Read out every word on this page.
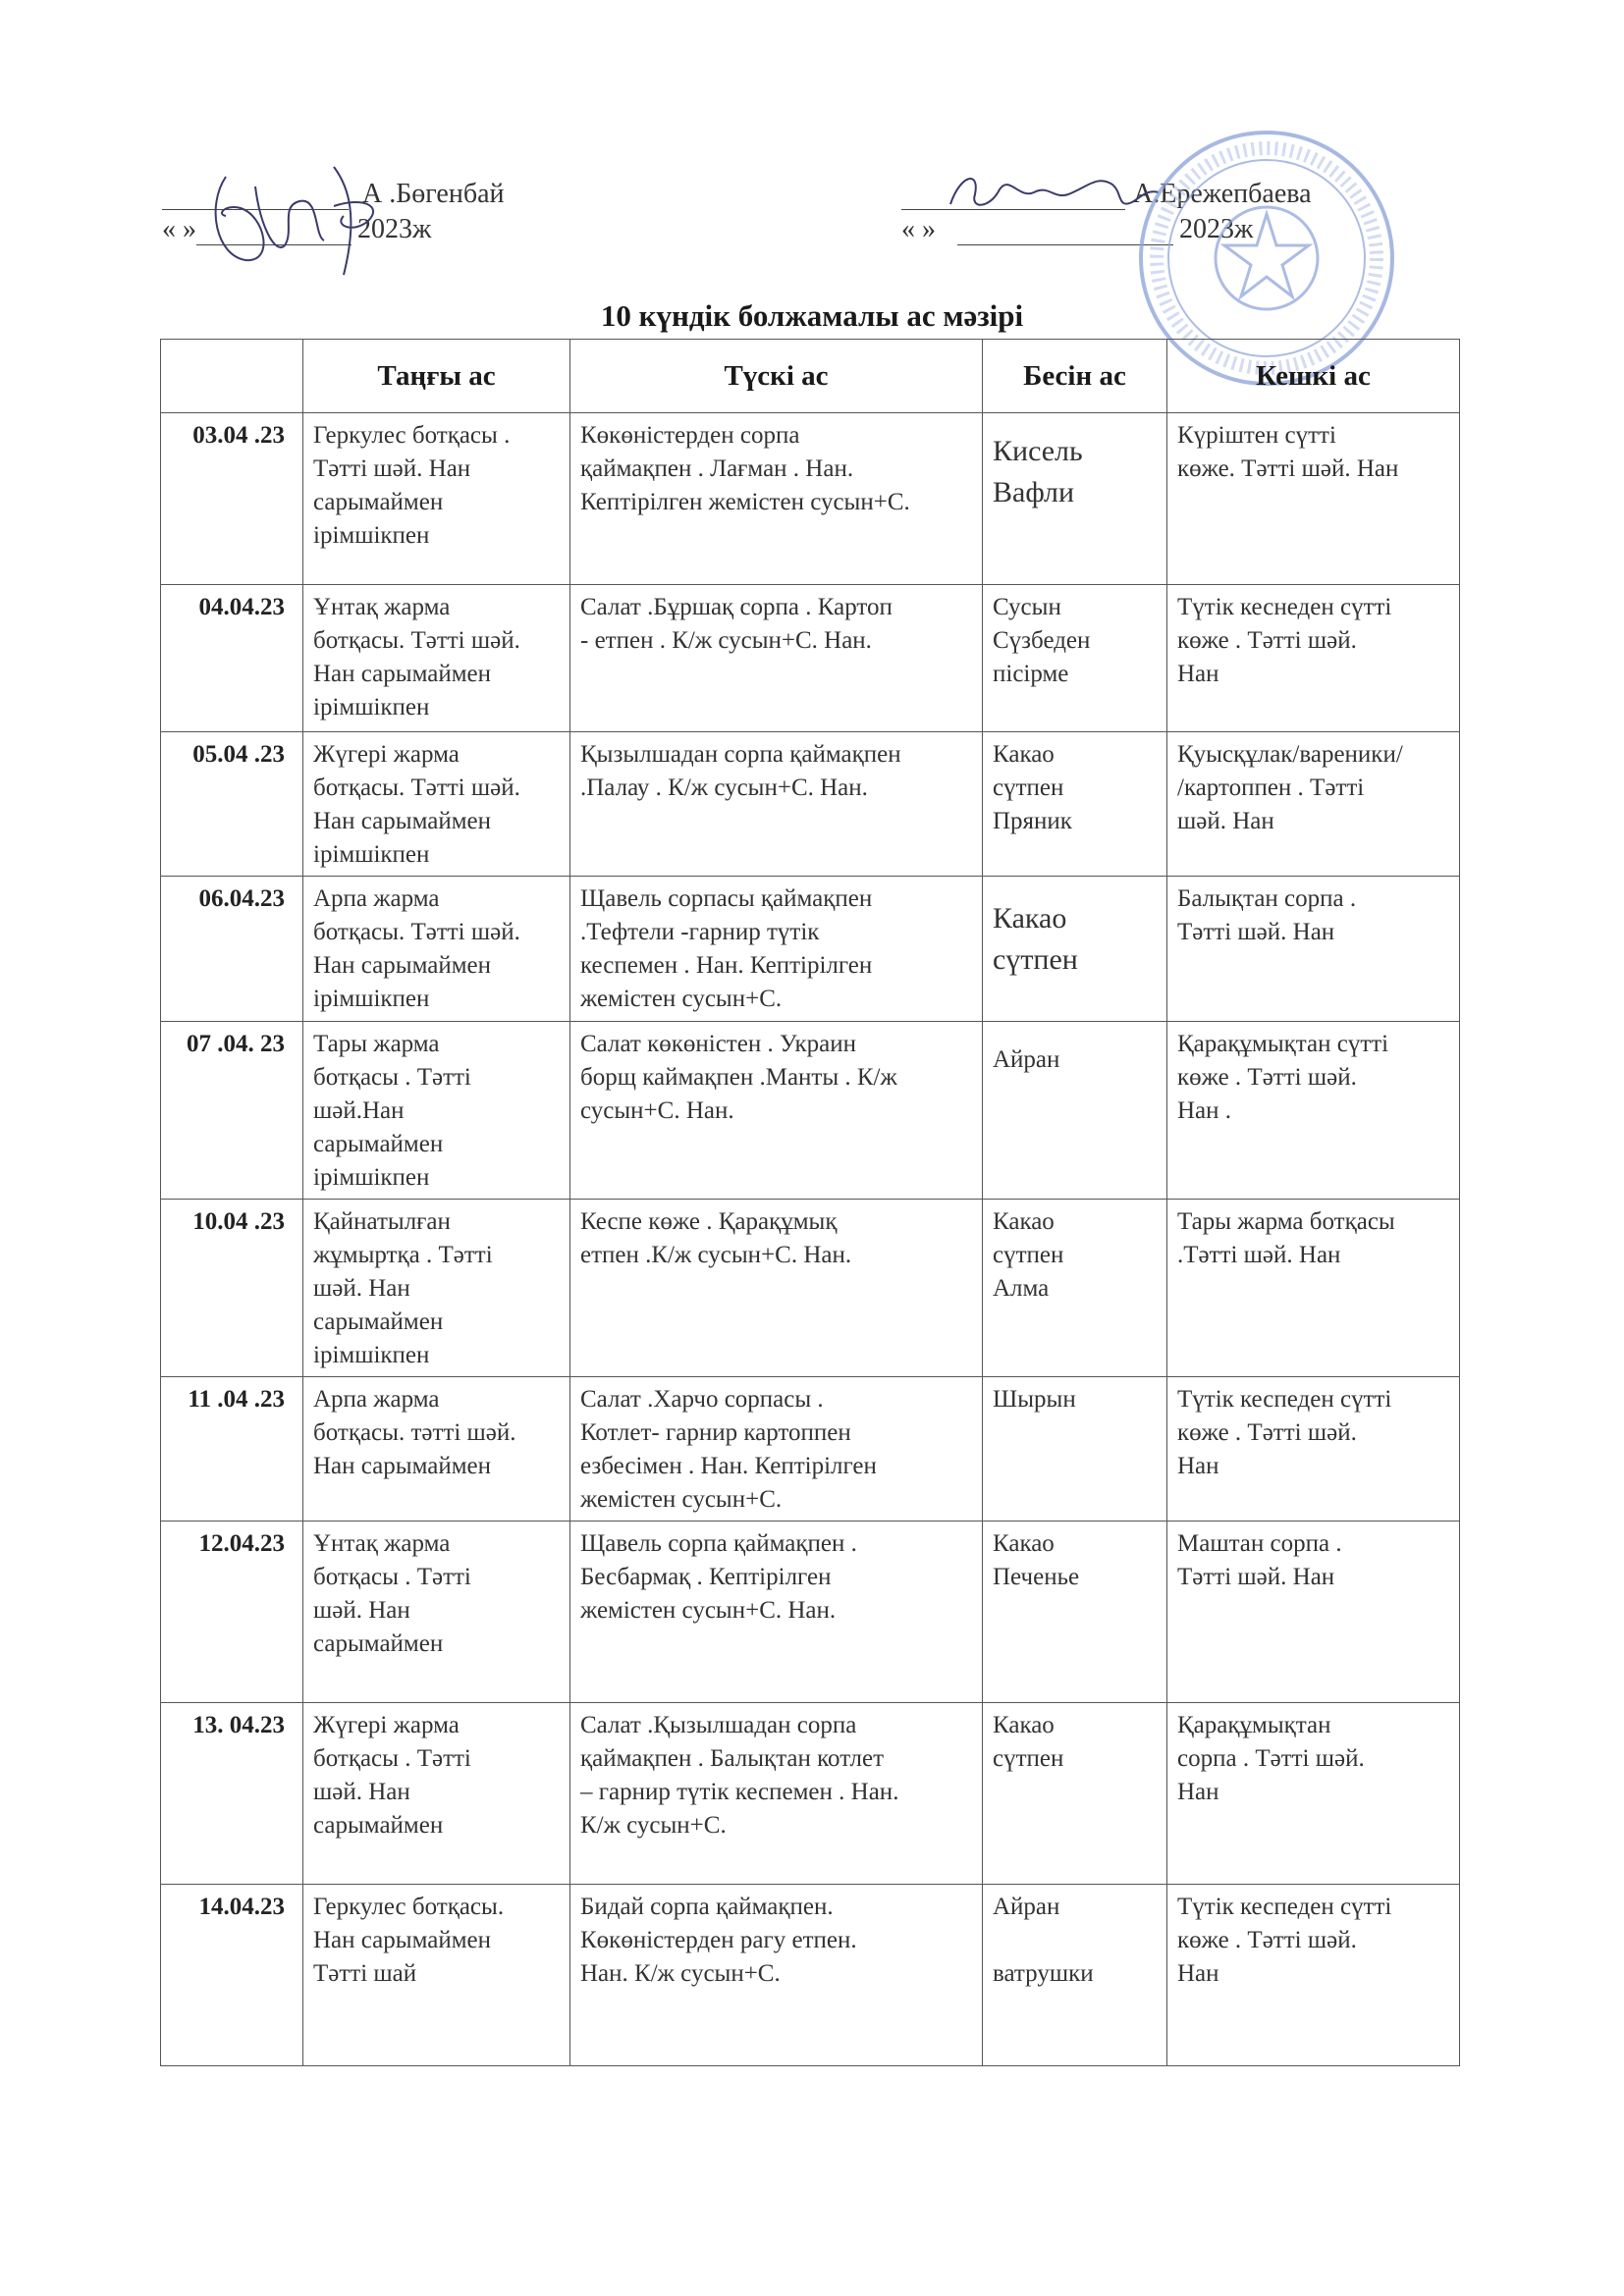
А .Бөгенбай
« »	2023ж
А.Ережепбаева
« »	2023ж
10 күндік болжамалы ас мәзірі
	Таңғы ас	Түскі ас	Бесін ас	Кешкі ас
03.04 .23	Геркулес ботқасы .
Тәтті шәй. Нан
сарымаймен
ірімшікпен	Көкөністерден сорпа
қаймақпен . Лағман . Нан.
Кептірілген жемістен сусын+С.	Кисель
Вафли	Күріштен сүтті
көже. Тәтті шәй. Нан
04.04.23	Ұнтақ жарма
ботқасы. Тәтті шәй.
Нан сарымаймен
ірімшікпен	Салат .Бұршақ сорпа . Картоп
- етпен . К/ж сусын+С. Нан.	Сусын
Сүзбеден
пісірме	Түтік кеснеден сүтті
көже . Тәтті шәй.
Нан
05.04 .23	Жүгері жарма
ботқасы. Тәтті шәй.
Нан сарымаймен
ірімшікпен	Қызылшадан сорпа қаймақпен
.Палау . К/ж сусын+С. Нан.	Какао
сүтпен
Пряник	Қуысқұлак/вареники/
/картоппен . Тәтті
шәй. Нан
06.04.23	Арпа жарма
ботқасы. Тәтті шәй.
Нан сарымаймен
ірімшікпен	Щавель сорпасы қаймақпен
.Тефтели -гарнир түтік
кеспемен . Нан. Кептірілген
жемістен сусын+С.	Какао
сүтпен	Балықтан сорпа .
Тәтті шәй. Нан
07 .04. 23	Тары жарма
ботқасы . Тәтті
шәй.Нан
сарымаймен
ірімшікпен	Салат көкөністен . Украин
борщ каймақпен .Манты . К/ж
сусын+С. Нан.	Айран	Қарақұмықтан сүтті
көже . Тәтті шәй.
Нан .
10.04 .23	Қайнатылған
жұмыртқа . Тәтті
шәй. Нан
сарымаймен
ірімшікпен	Кеспе көже . Қарақұмық
етпен .К/ж сусын+С. Нан.	Какао
сүтпен
Алма	Тары жарма ботқасы
.Тәтті шәй. Нан
11 .04 .23	Арпа жарма
ботқасы. тәтті шәй.
Нан сарымаймен	Салат .Харчо сорпасы .
Котлет- гарнир картоппен
езбесімен . Нан. Кептірілген
жемістен сусын+С.	Шырын	Түтік кеспеден сүтті
көже . Тәтті шәй.
Нан
12.04.23	Ұнтақ жарма
ботқасы . Тәтті
шәй. Нан
сарымаймен	Щавель сорпа қаймақпен .
Бесбармақ . Кептірілген
жемістен сусын+С. Нан.	Какао
Печенье	Маштан сорпа .
Тәтті шәй. Нан
13. 04.23	Жүгері жарма
ботқасы . Тәтті
шәй. Нан
сарымаймен	Салат .Қызылшадан сорпа
қаймақпен . Балықтан котлет
– гарнир түтік кеспемен . Нан.
К/ж сусын+С.	Какао
сүтпен	Қарақұмықтан
сорпа . Тәтті шәй.
Нан
14.04.23	Геркулес ботқасы.
Нан сарымаймен
Тәтті шай	Бидай сорпа қаймақпен.
Көкөністерден рагу етпен.
Нан. К/ж сусын+С.	Айран

ватрушки	Түтік кеспеден сүтті
көже . Тәтті шәй.
Нан
